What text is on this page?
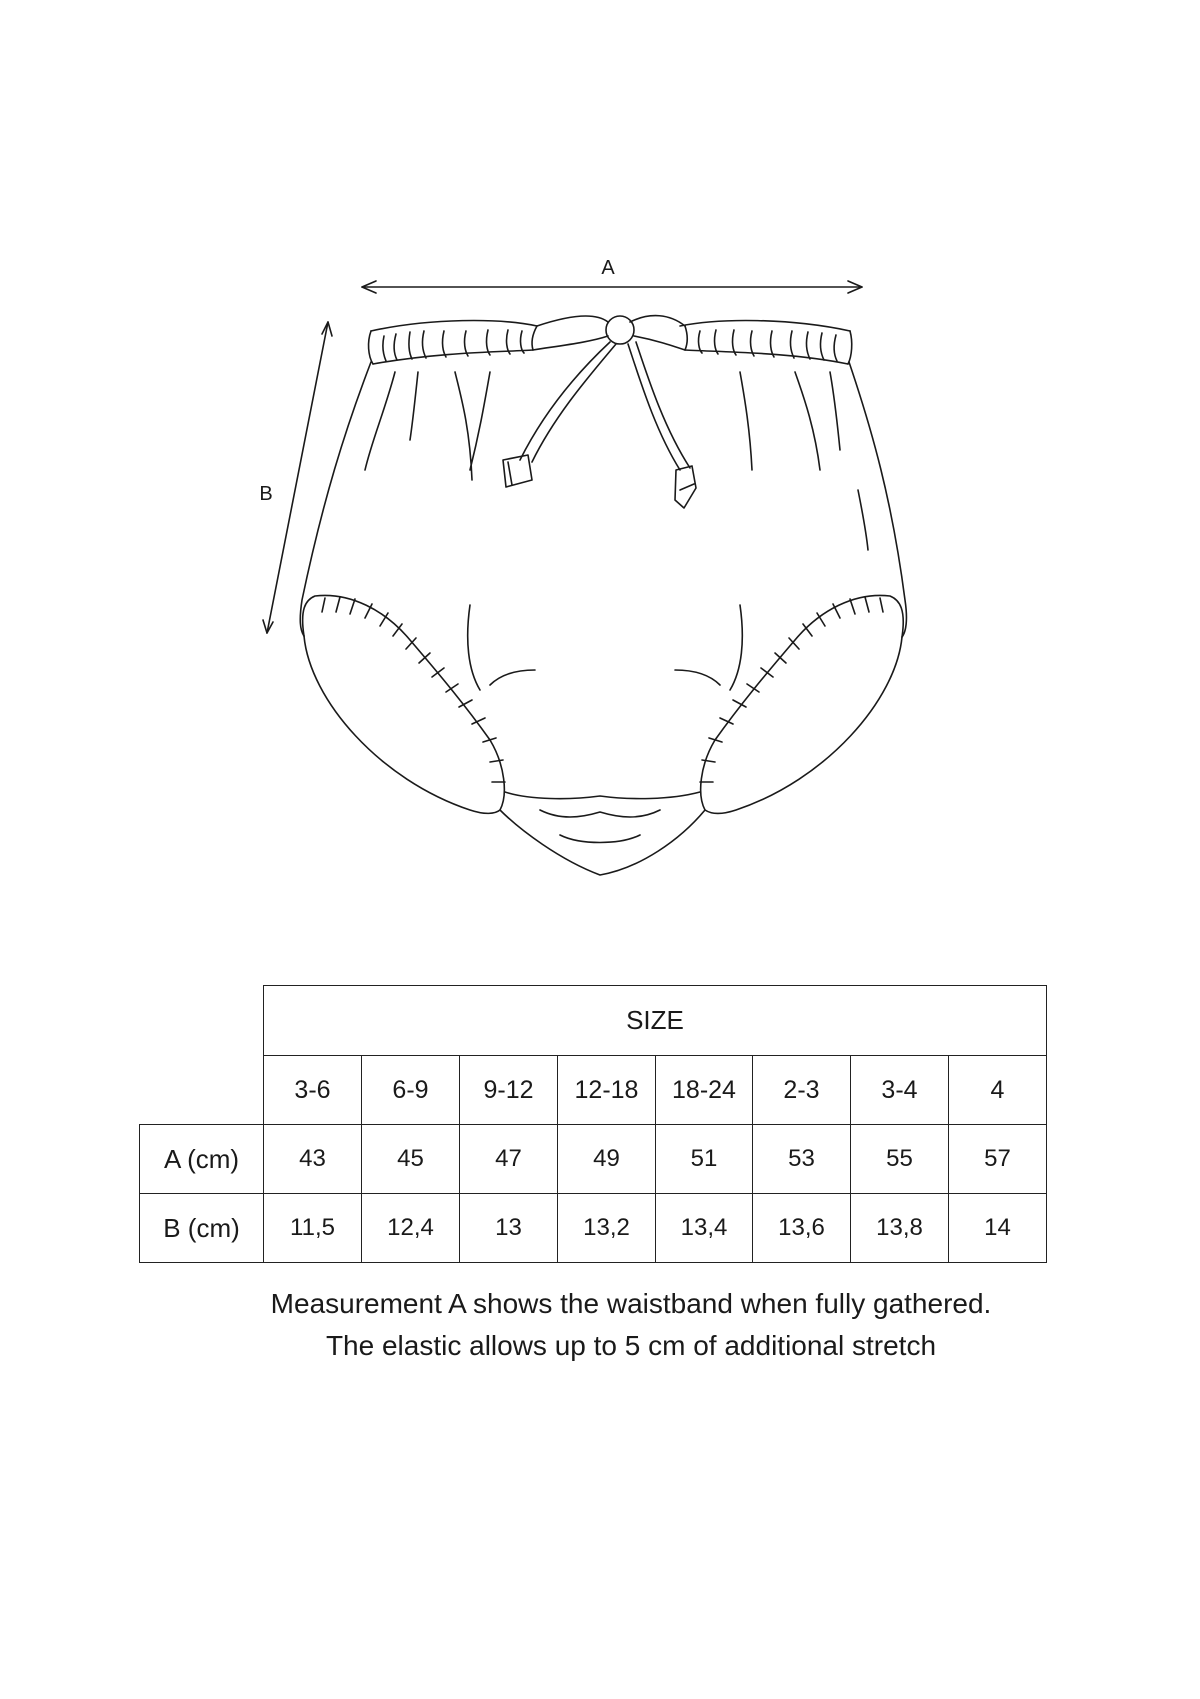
A
B
	SIZE							
	3-6	6-9	9-12	12-18	18-24	2-3	3-4	4
A (cm)	43	45	47	49	51	53	55	57
B (cm)	11,5	12,4	13	13,2	13,4	13,6	13,8	14
Measurement A shows the waistband when fully gathered.
The elastic allows up to 5 cm of additional stretch
